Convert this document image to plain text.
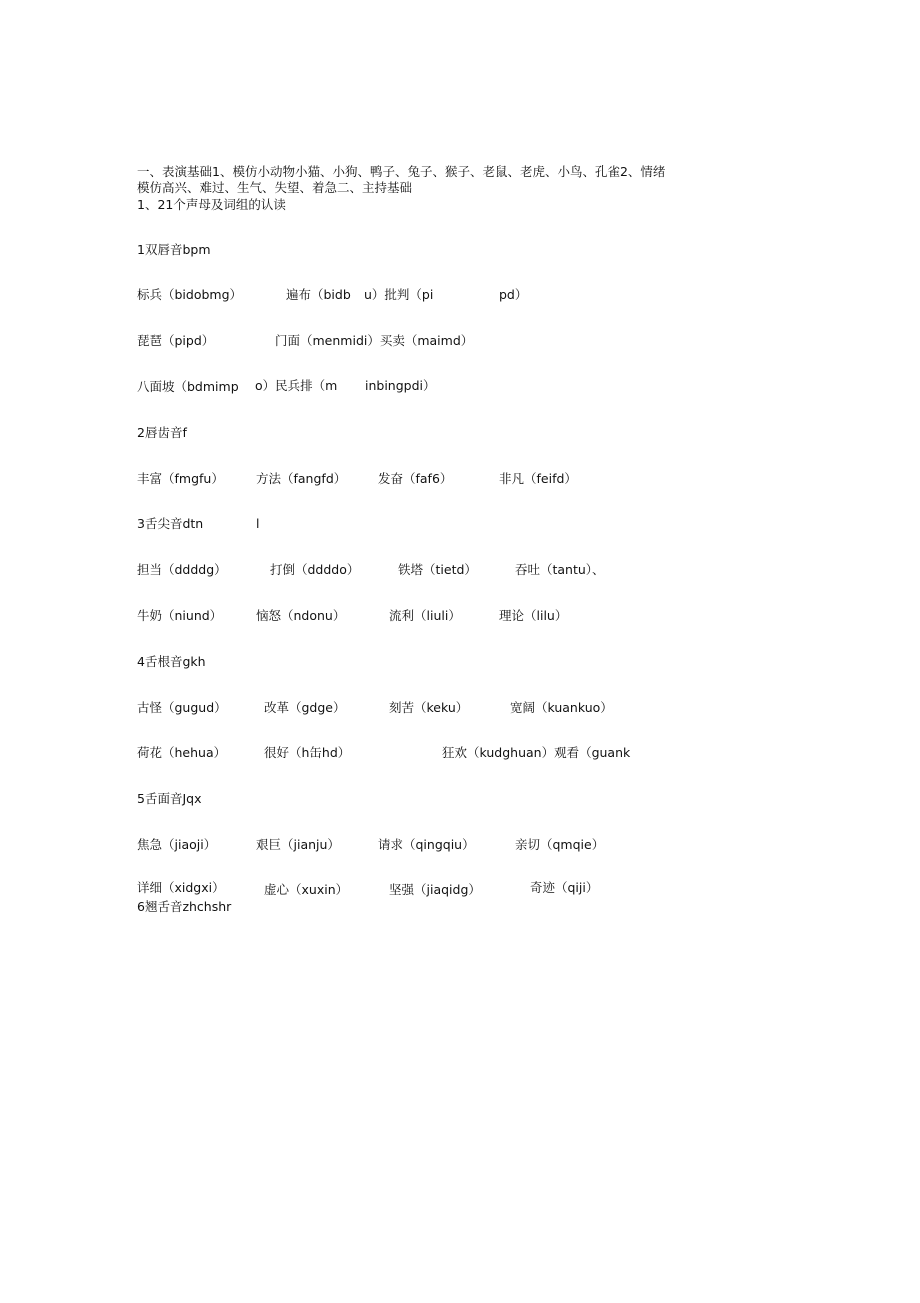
一、表演基础1、模仿小动物小猫、小狗、鸭子、兔子、猴子、老鼠、老虎、小鸟、孔雀2、情绪
模仿高兴、难过、生气、失望、着急二、主持基础
1、21个声母及词组的认读
1双唇音bpm
标兵（bidobmg）	遍布（bidb u）批判（pi	pd）
琵琶（pipd）	门面（menmidi）买卖（maimd）
八面坡（bdmimp o）民兵排（m inbingpdi）
2唇齿音f
丰富（fmgfu）	方法（fangfd）	发奋（faf6）	非凡（feifd）
3舌尖音dtn	l
担当（ddddg）	打倒（ddddo）	铁塔（tietd）	吞吐（tantu）、
牛奶（niund）	恼怒（ndonu）	流利（liuli）	理论（lilu）
4舌根音gkh
古怪（gugud）	改革（gdge）	刻苦（keku）	宽阔（kuankuo）
荷花（hehua）	很好（h缶hd）	狂欢（kudghuan）观看（guank
5舌面音Jqx
焦急（jiaoji）	艰巨（jianju）	请求（qingqiu）	亲切（qmqie）
详细（xidgxi）	虚心（xuxin）	坚强（jiaqidg）	奇迹（qiji）
6翘舌音zhchshr
